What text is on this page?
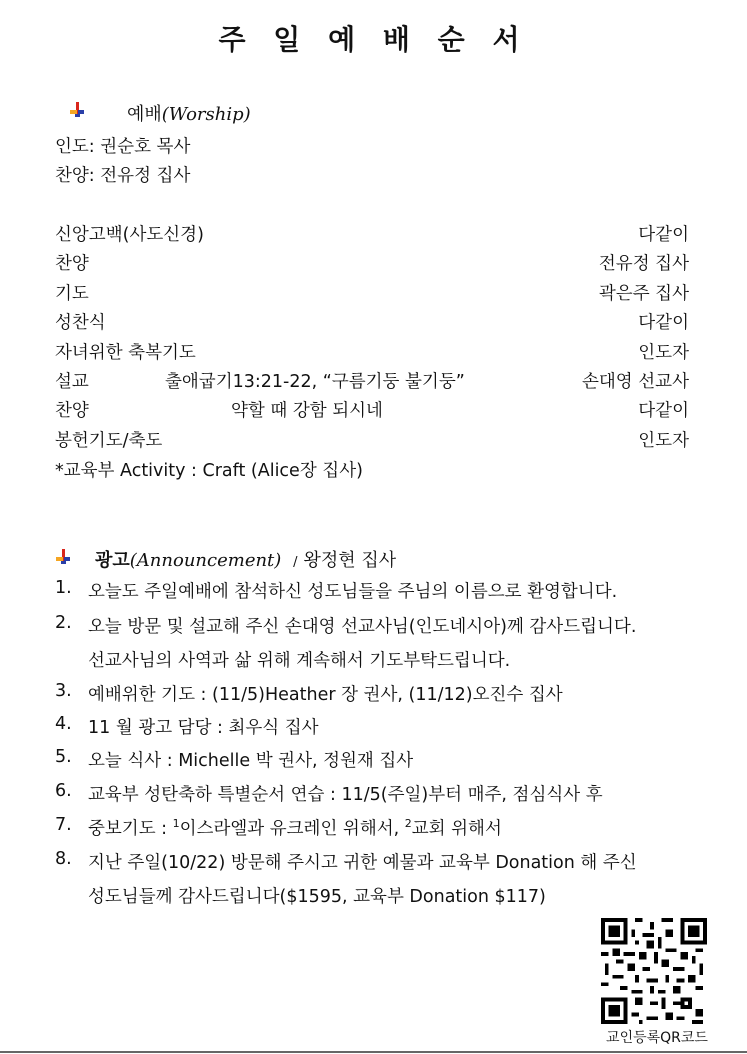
주 일 예 배 순 서
예배(Worship)
인도: 권순호 목사
찬양: 전유정 집사
신앙고백(사도신경)	다같이
찬양	전유정 집사
기도	곽은주 집사
성찬식	다같이
자녀위한 축복기도	인도자
설교	출애굽기13:21-22, “구름기둥 불기둥”	손대영 선교사
찬양	약할 때 강함 되시네	다같이
봉헌기도/축도	인도자
*교육부 Activity : Craft (Alice장 집사)
광고(Announcement) / 왕정현 집사
1. 오늘도 주일예배에 참석하신 성도님들을 주님의 이름으로 환영합니다.
2. 오늘 방문 및 설교해 주신 손대영 선교사님(인도네시아)께 감사드립니다.
선교사님의 사역과 삶 위해 계속해서 기도부탁드립니다.
3. 예배위한 기도 : (11/5)Heather 장 권사, (11/12)오진수 집사
4. 11 월 광고 담당 : 최우식 집사
5. 오늘 식사 : Michelle 박 권사, 정원재 집사
6. 교육부 성탄축하 특별순서 연습 : 11/5(주일)부터 매주, 점심식사 후
7. 중보기도 : $^1$이스라엘과 유크레인 위해서, $^2$교회 위해서
8. 지난 주일(10/22) 방문해 주시고 귀한 예물과 교육부 Donation 해 주신
성도님들께 감사드립니다($1595, 교육부 Donation $117)
교인등록QR코드
